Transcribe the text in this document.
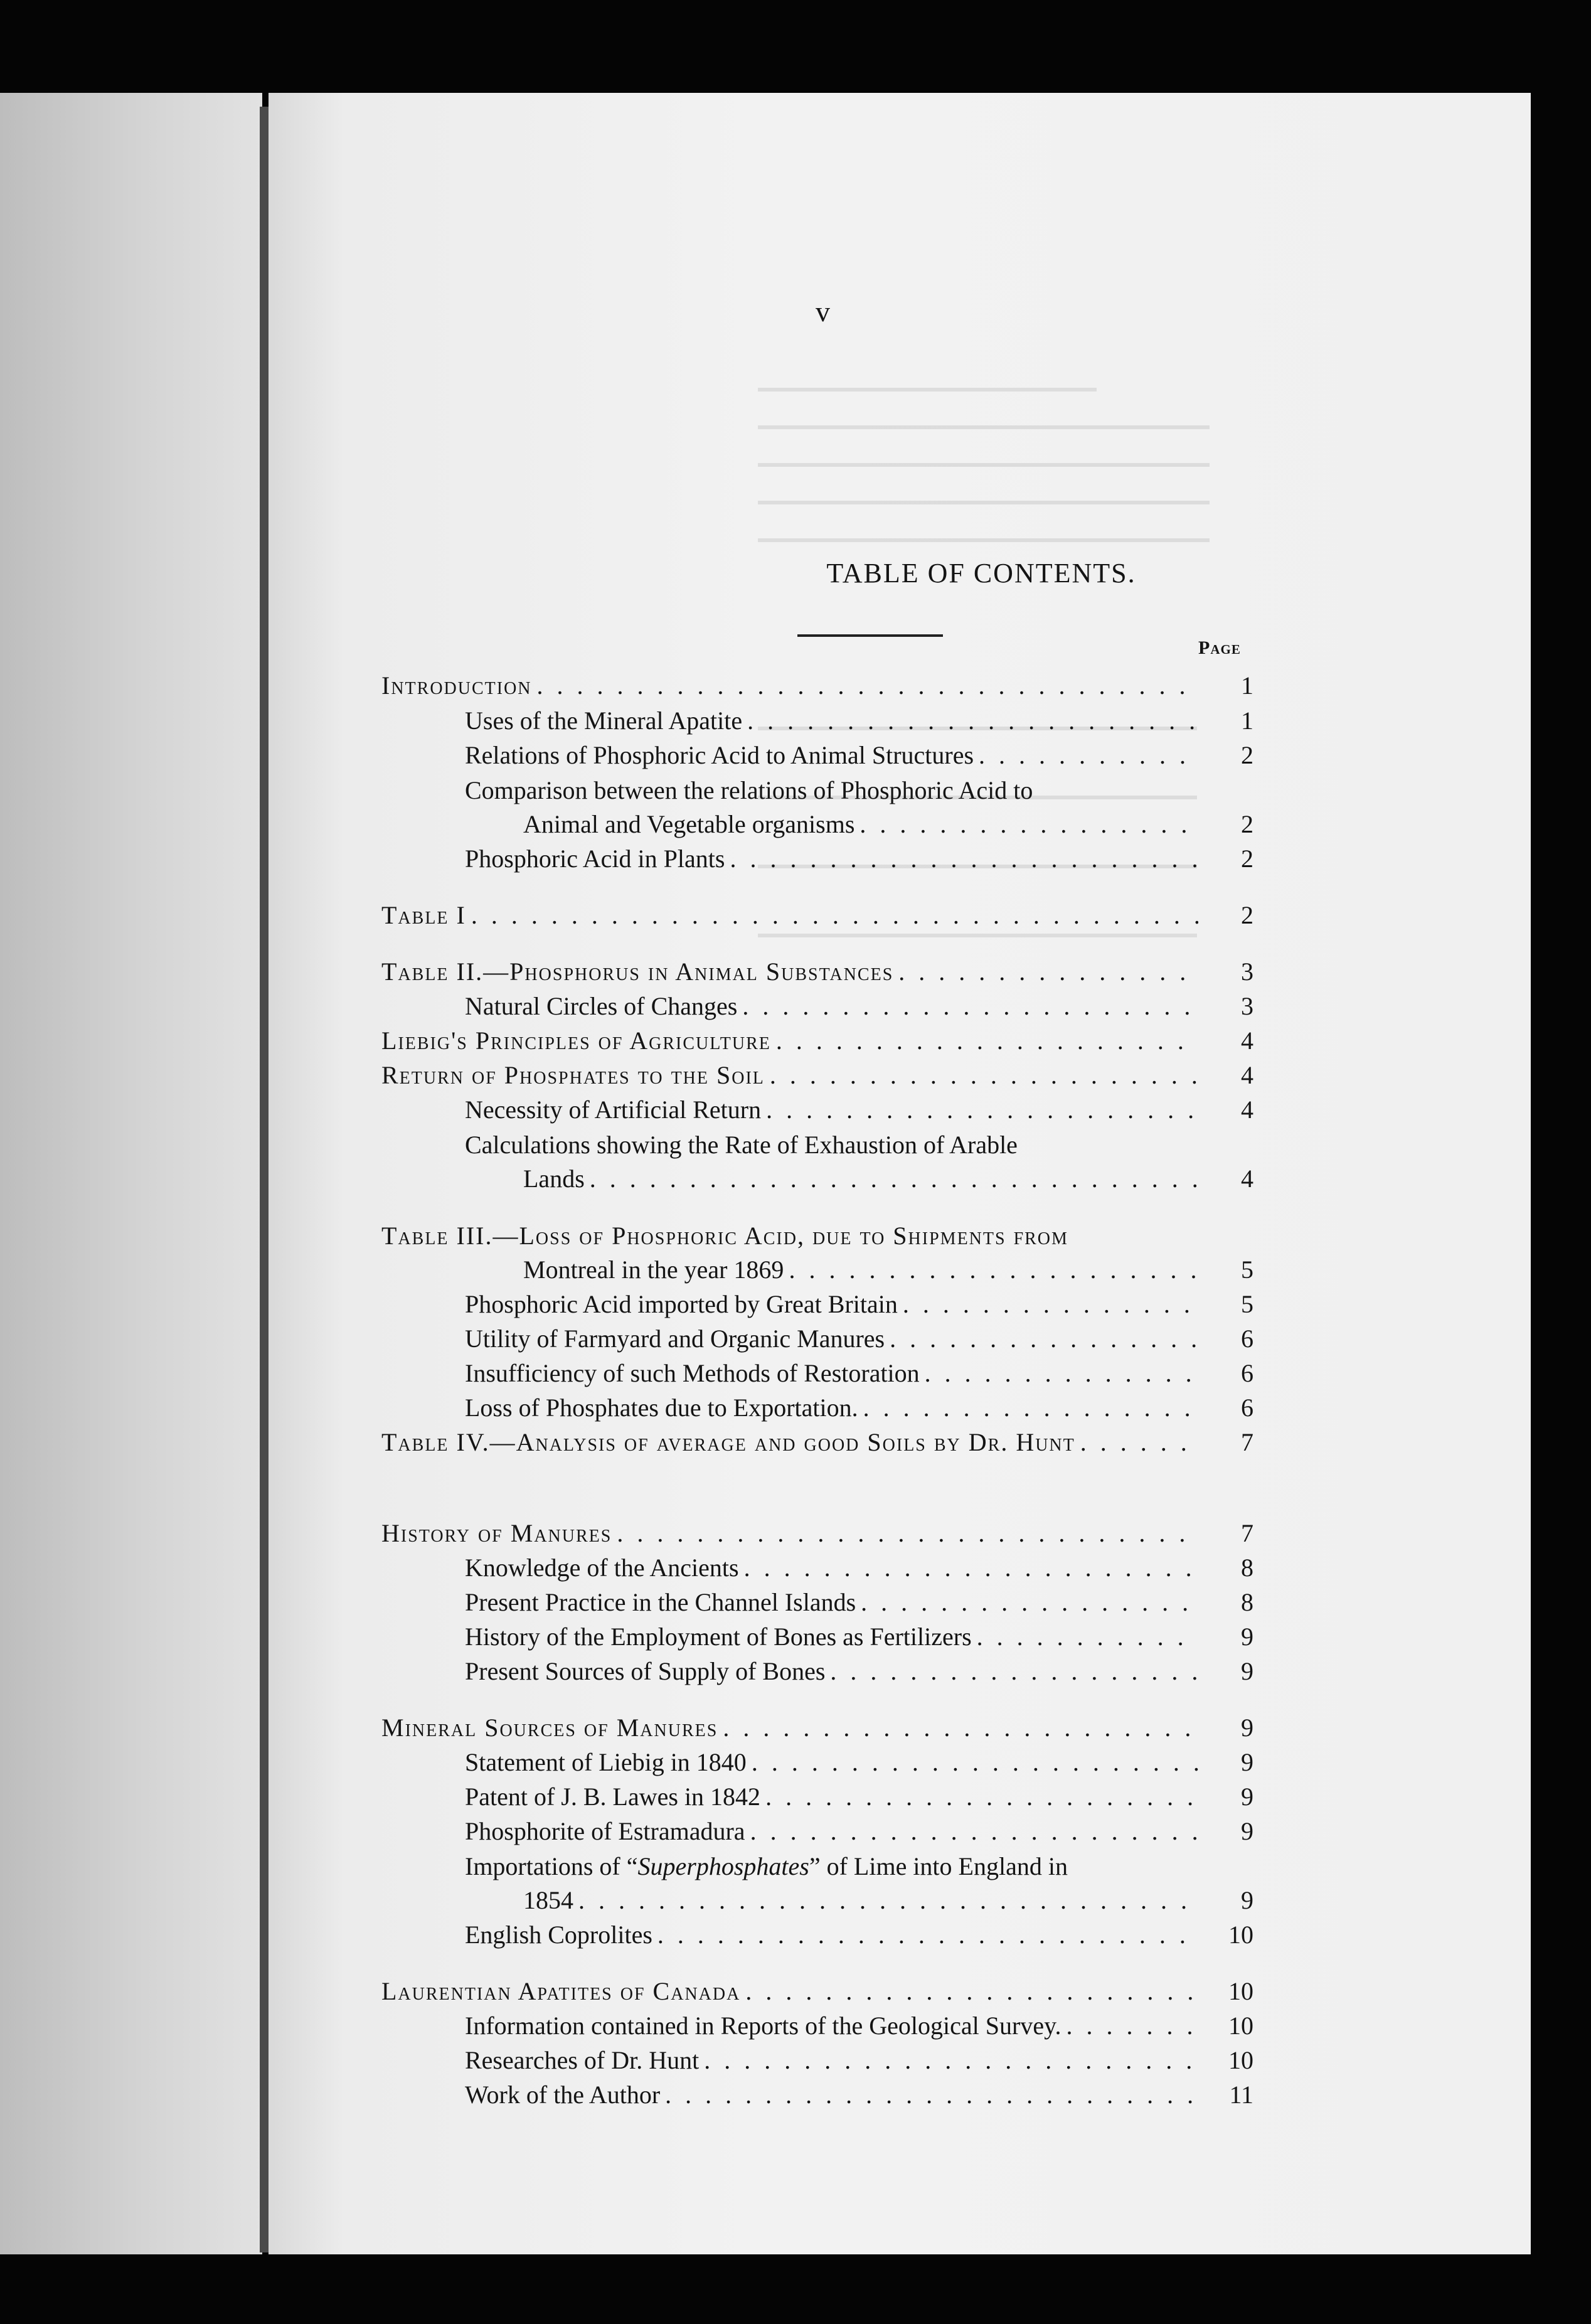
v
TABLE OF CONTENTS.
Page
Introduction . . .	1
Uses of the Mineral Apatite . . .	1
Relations of Phosphoric Acid to Animal Structures . . .	2
Comparison between the relations of Phosphoric Acid to
Animal and Vegetable organisms . . .	2
Phosphoric Acid in Plants . . .	2
Table I . . .	2
Table II.—Phosphorus in Animal Substances . . .	3
Natural Circles of Changes . . .	3
Liebig's Principles of Agriculture . . .	4
Return of Phosphates to the Soil . . .	4
Necessity of Artificial Return . . .	4
Calculations showing the Rate of Exhaustion of Arable
Lands . . .	4
Table III.—Loss of Phosphoric Acid, due to Shipments from
Montreal in the year 1869 . . .	5
Phosphoric Acid imported by Great Britain . . .	5
Utility of Farmyard and Organic Manures . . .	6
Insufficiency of such Methods of Restoration . . .	6
Loss of Phosphates due to Exportation. . . .	6
Table IV.—Analysis of average and good Soils by Dr. Hunt . . .	7
History of Manures . . .	7
Knowledge of the Ancients . . .	8
Present Practice in the Channel Islands . . .	8
History of the Employment of Bones as Fertilizers . . .	9
Present Sources of Supply of Bones . . .	9
Mineral Sources of Manures . . .	9
Statement of Liebig in 1840 . . .	9
Patent of J. B. Lawes in 1842 . . .	9
Phosphorite of Estramadura . . .	9
Importations of “Superphosphates” of Lime into England in
1854 . . .	9
English Coprolites . . .	10
Laurentian Apatites of Canada . . .	10
Information contained in Reports of the Geological Survey. . . .	10
Researches of Dr. Hunt . . .	10
Work of the Author . . .	11
